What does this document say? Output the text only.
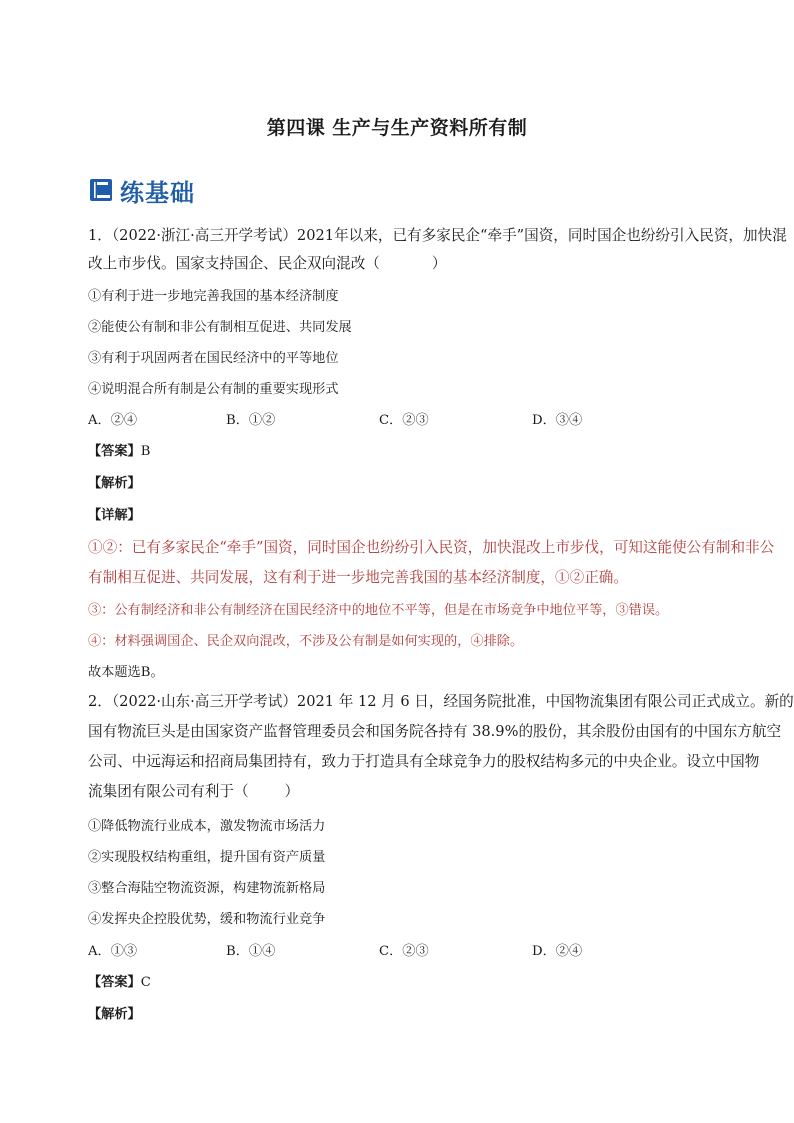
第四课 生产与生产资料所有制
练基础
1．（2022·浙江·高三开学考试）2021年以来，已有多家民企“牵手”国资，同时国企也纷纷引入民资，加快混
改上市步伐。国家支持国企、民企双向混改（	）
①有利于进一步地完善我国的基本经济制度
②能使公有制和非公有制相互促进、共同发展
③有利于巩固两者在国民经济中的平等地位
④说明混合所有制是公有制的重要实现形式
A．②④	B．①②	C．②③	D．③④
【答案】B
【解析】
【详解】
①②：已有多家民企“牵手”国资，同时国企也纷纷引入民资，加快混改上市步伐，可知这能使公有制和非公
有制相互促进、共同发展，这有利于进一步地完善我国的基本经济制度，①②正确。
③：公有制经济和非公有制经济在国民经济中的地位不平等，但是在市场竞争中地位平等，③错误。
④：材料强调国企、民企双向混改，不涉及公有制是如何实现的，④排除。
故本题选B。
2．（2022·山东·高三开学考试）2021 年 12 月 6 日，经国务院批准，中国物流集团有限公司正式成立。新的
国有物流巨头是由国家资产监督管理委员会和国务院各持有 38.9%的股份，其余股份由国有的中国东方航空
公司、中远海运和招商局集团持有，致力于打造具有全球竞争力的股权结构多元的中央企业。设立中国物
流集团有限公司有利于（ ）
①降低物流行业成本，激发物流市场活力
②实现股权结构重组，提升国有资产质量
③整合海陆空物流资源，构建物流新格局
④发挥央企控股优势，缓和物流行业竞争
A．①③	B．①④	C．②③	D．②④
【答案】C
【解析】
